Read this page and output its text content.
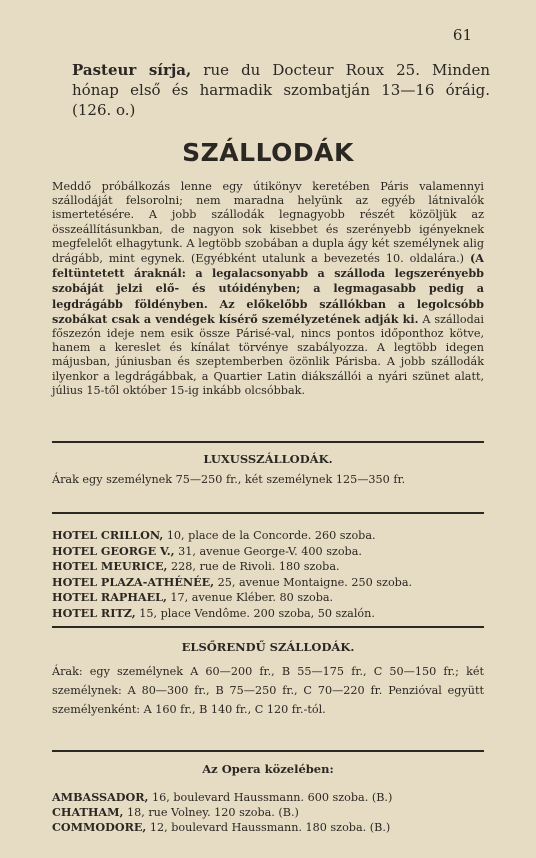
61
Pasteur sírja, rue du Docteur Roux 25. Minden hónap első és harmadik szombatján 13—16 óráig. (126. o.)
SZÁLLODÁK
Meddő próbálkozás lenne egy útikönyv keretében Páris valamennyi szállodáját felsorolni; nem maradna helyünk az egyéb látnivalók ismertetésére. A jobb szállodák legnagyobb részét közöljük az összeállításunkban, de nagyon sok kisebbet és szerényebb igényeknek megfelelőt elhagytunk. A legtöbb szobában a dupla ágy két személynek alig drágább, mint egynek. (Egyébként utalunk a bevezetés 10. oldalára.) (A feltüntetett áraknál: a legalacsonyabb a szálloda legszerényebb szobáját jelzi elő- és utóidényben; a legmagasabb pedig a legdrágább földényben. Az előkelőbb szállókban a legolcsóbb szobákat csak a vendégek kísérő személyzetének adják ki. A szállodai főszezón ideje nem esik össze Párisé-val, nincs pontos időponthoz kötve, hanem a kereslet és kínálat törvénye szabályozza. A legtöbb idegen májusban, júniusban és szeptemberben özönlik Párisba. A jobb szállodák ilyenkor a legdrágábbak, a Quartier Latin diákszállói a nyári szünet alatt, július 15-től október 15-ig inkább olcsóbbak.
LUXUSSZÁLLODÁK.
Árak egy személynek 75—250 fr., két személynek 125—350 fr.
HOTEL CRILLON, 10, place de la Concorde. 260 szoba.
HOTEL GEORGE V., 31, avenue George-V. 400 szoba.
HOTEL MEURICE, 228, rue de Rivoli. 180 szoba.
HOTEL PLAZA-ATHÉNÉE, 25, avenue Montaigne. 250 szoba.
HOTEL RAPHAEL, 17, avenue Kléber. 80 szoba.
HOTEL RITZ, 15, place Vendôme. 200 szoba, 50 szalón.
ELSŐRENDŰ SZÁLLODÁK.
Árak: egy személynek A 60—200 fr., B 55—175 fr., C 50—150 fr.; két személynek: A 80—300 fr., B 75—250 fr., C 70—220 fr. Penzióval együtt személyenként: A 160 fr., B 140 fr., C 120 fr.-tól.
Az Opera közelében:
AMBASSADOR, 16, boulevard Haussmann. 600 szoba. (B.)
CHATHAM, 18, rue Volney. 120 szoba. (B.)
COMMODORE, 12, boulevard Haussmann. 180 szoba. (B.)
